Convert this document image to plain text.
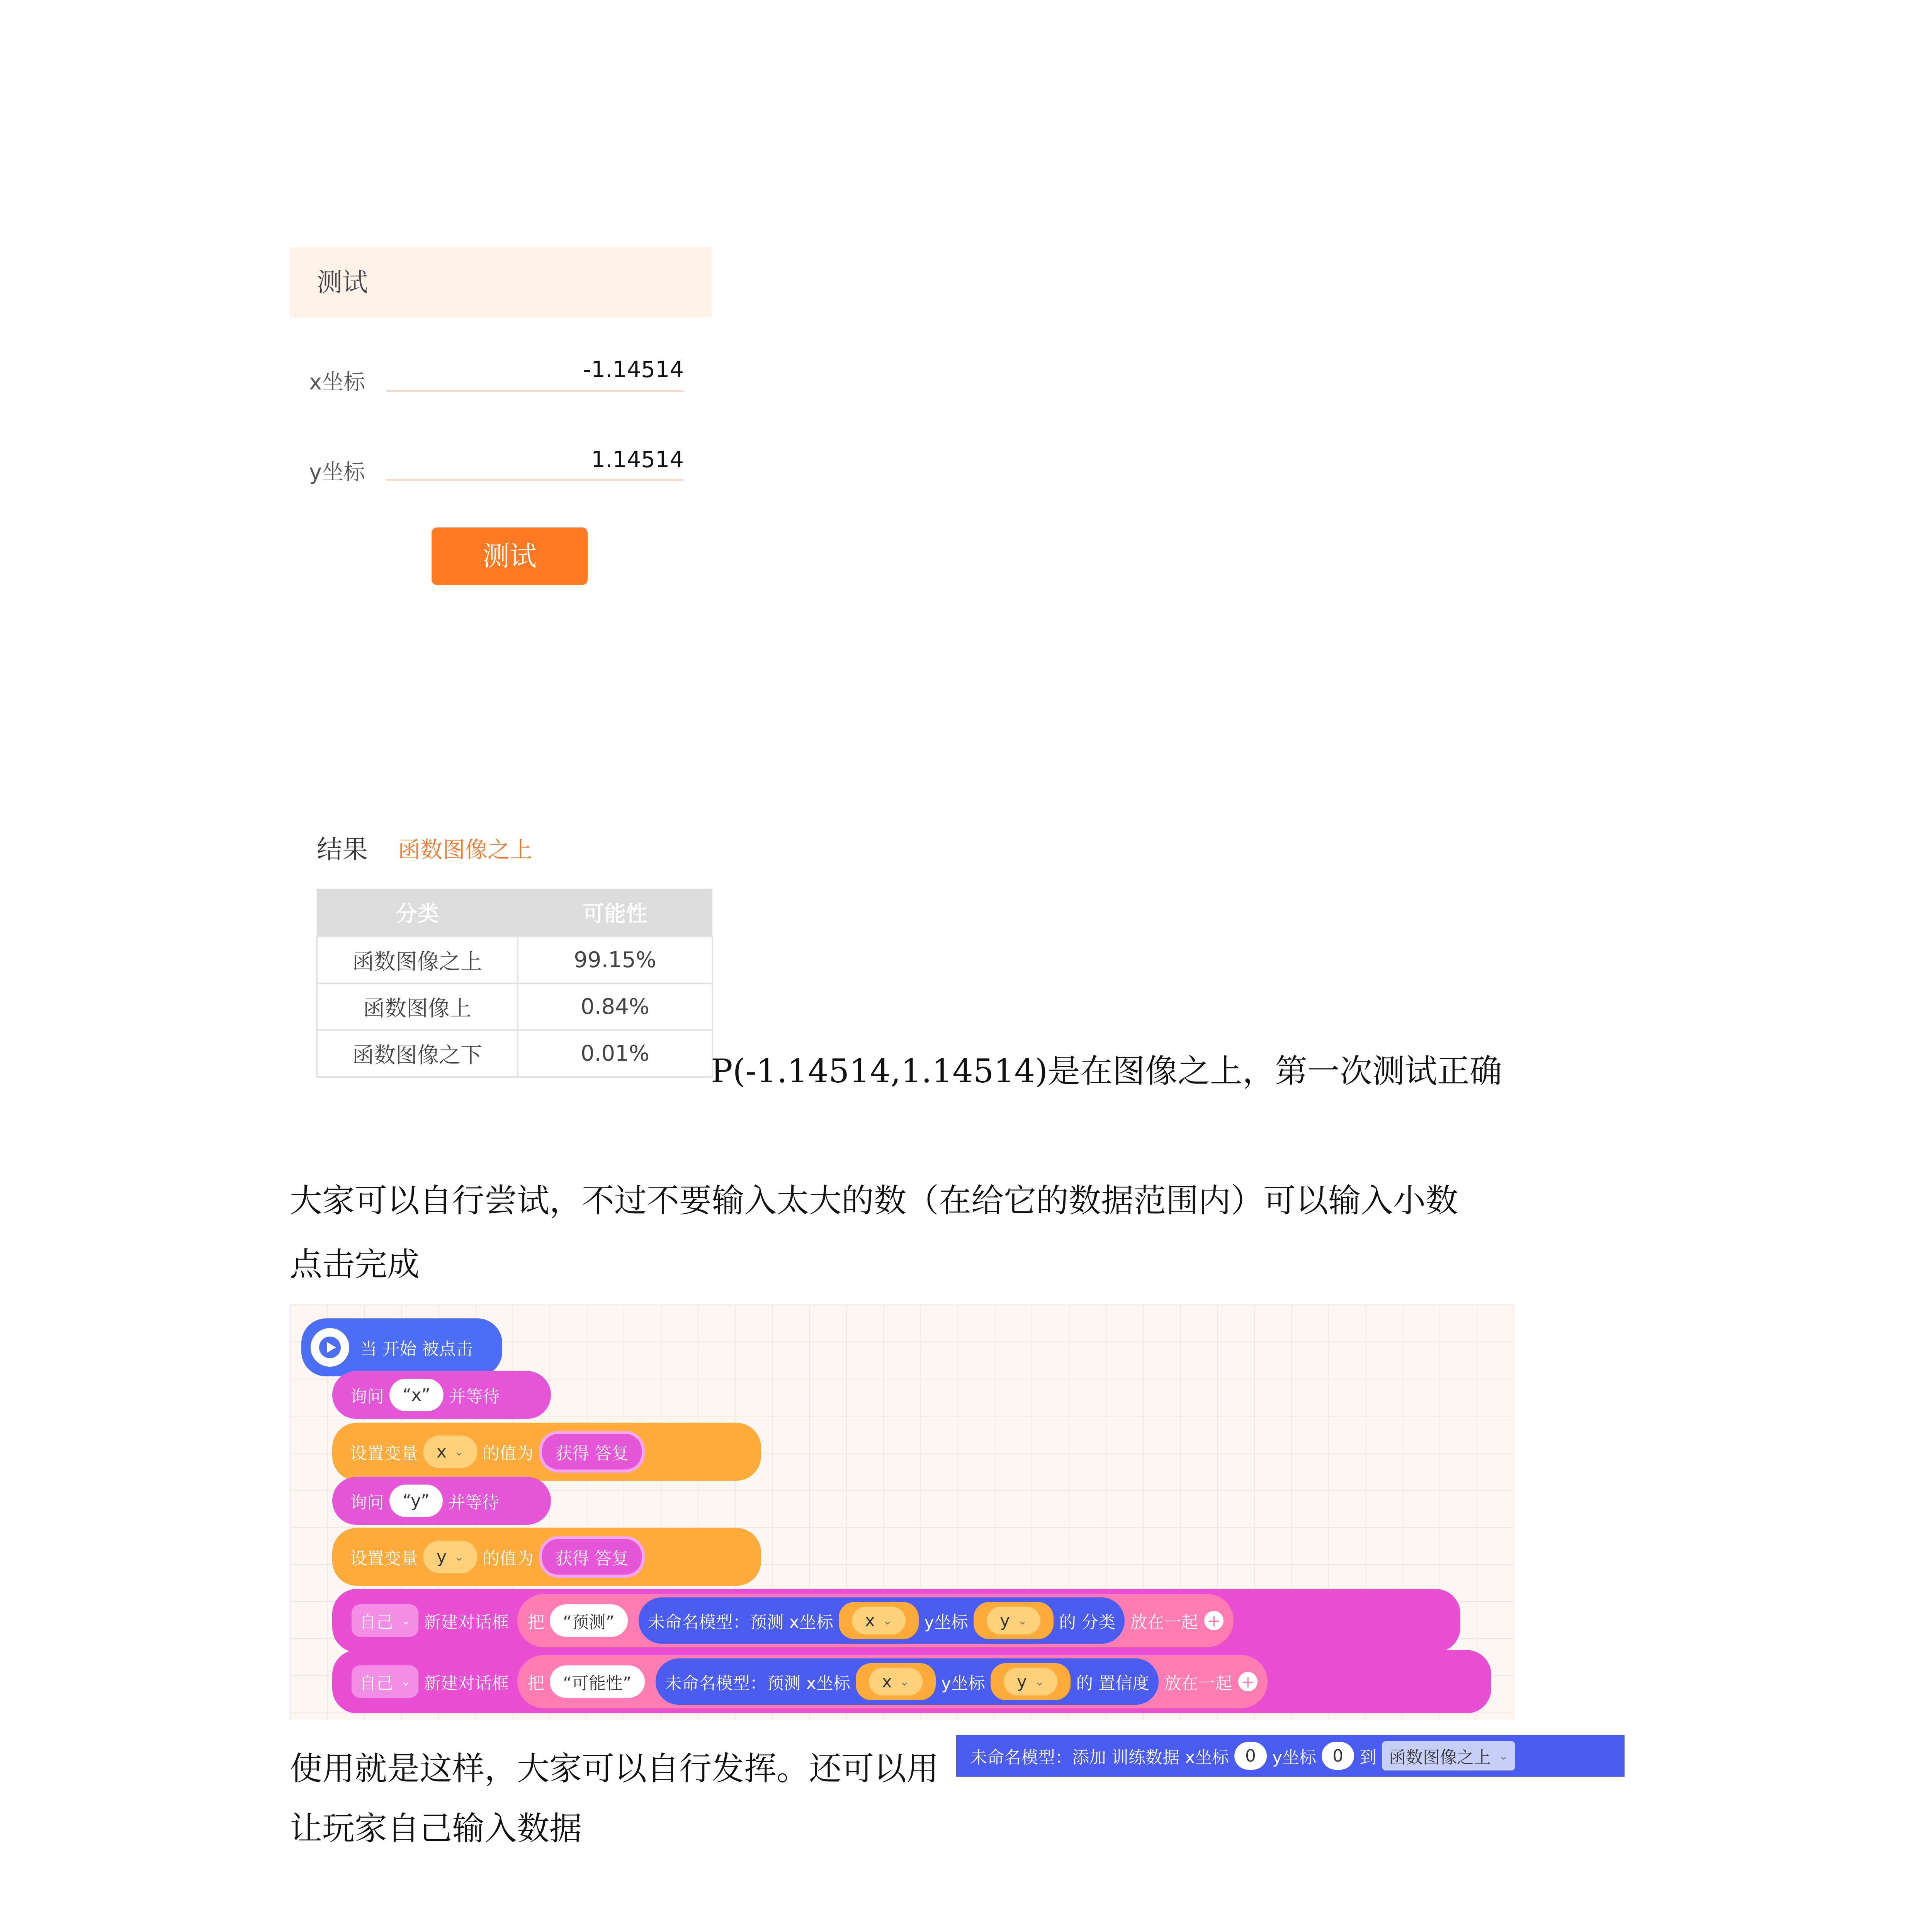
测试
x坐标	-1.14514
y坐标	1.14514
测试
结果 函数图像之上
分类	可能性
函数图像之上	99.15%
函数图像上	0.84%
函数图像之下	0.01% P(-1.14514,1.14514)是在图像之上，第一次测试正确
大家可以自行尝试，不过不要输入太大的数（在给它的数据范围内）可以输入小数
点击完成
当 开始 被点击
询问	“x”	并等待
设置变量 x ⌄ 的值为	获得 答复
询问	“y”	并等待
设置变量 y ⌄ 的值为	获得 答复
自己 ⌄ 新建对话框 把	“预测”	未命名模型：预测 x坐标 x ⌄ y坐标 y ⌄ 的 分类 放在一起 +
自己 ⌄ 新建对话框 把	“可能性”	未命名模型：预测 x坐标 x ⌄ y坐标 y ⌄ 的 置信度 放在一起 +
使用就是这样，大家可以自行发挥。还可以用 未命名模型：添加 训练数据 x坐标 0 y坐标 0 到 函数图像之上 ⌄
让玩家自己输入数据
